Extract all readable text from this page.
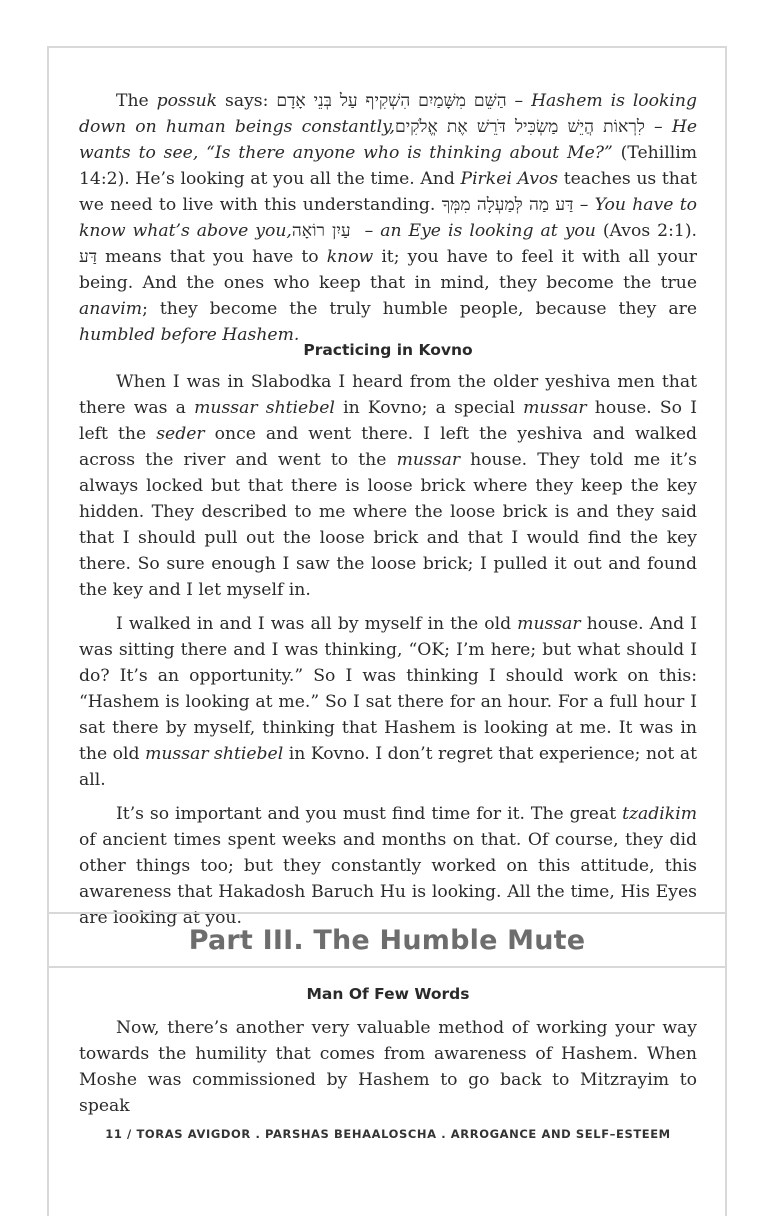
The possuk says: הַשֵּׁם מִשָּׁמַיִם הִשְׁקִיף עַל בְּנֵי אָדָם – Hashem is looking down on human beings constantly, לִרְאוֹת הֲיֵשׁ מַשְׂכִּיל דֹּרֵשׁ אֶת אֱלֹקִים– He wants to see, “Is there anyone who is thinking about Me?” (Tehillim 14:2). He’s looking at you all the time. And Pirkei Avos teaches us that we need to live with this understanding. דַּע מַה לְּמַעְלָה מִמְּךָ – You have to know what’s above you, עַיִן רוֹאָה – an Eye is looking at you (Avos 2:1). דַּע means that you have to know it; you have to feel it with all your being. And the ones who keep that in mind, they become the true anavim; they become the truly humble people, because they are humbled before Hashem.

Practicing in Kovno

When I was in Slabodka I heard from the older yeshiva men that there was a mussar shtiebel in Kovno; a special mussar house. So I left the seder once and went there. I left the yeshiva and walked across the river and went to the mussar house. They told me it’s always locked but that there is loose brick where they keep the key hidden. They described to me where the loose brick is and they said that I should pull out the loose brick and that I would find the key there. So sure enough I saw the loose brick; I pulled it out and found the key and I let myself in.

I walked in and I was all by myself in the old mussar house. And I was sitting there and I was thinking, “OK; I’m here; but what should I do? It’s an opportunity.” So I was thinking I should work on this: “Hashem is looking at me.” So I sat there for an hour. For a full hour I sat there by myself, thinking that Hashem is looking at me. It was in the old mussar shtiebel in Kovno. I don’t regret that experience; not at all.

It’s so important and you must find time for it. The great tzadikim of ancient times spent weeks and months on that. Of course, they did other things too; but they constantly worked on this attitude, this awareness that Hakadosh Baruch Hu is looking. All the time, His Eyes are looking at you.

Part III. The Humble Mute
Man Of Few Words

Now, there’s another very valuable method of working your way towards the humility that comes from awareness of Hashem. When Moshe was commissioned by Hashem to go back to Mitzrayim to speak

11 / TORAS AVIGDOR . PARSHAS BEHAALOSCHA . ARROGANCE AND SELF–ESTEEM
